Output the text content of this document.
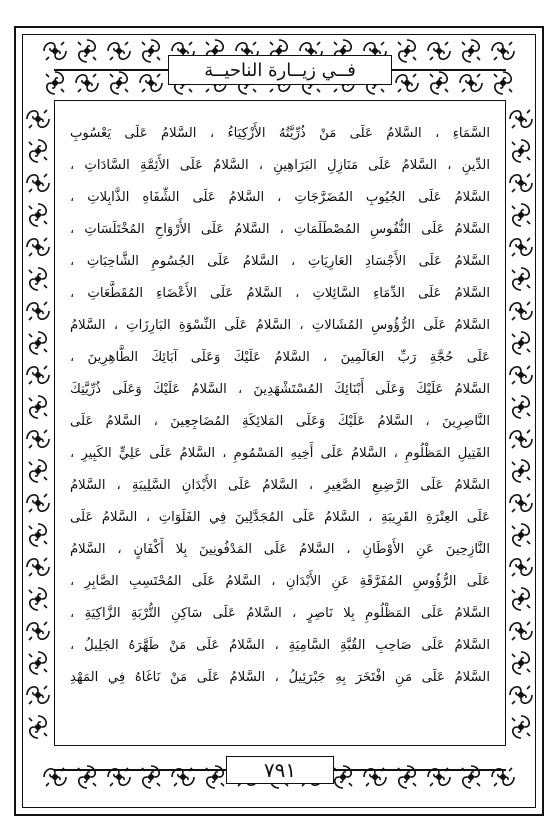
فــي زيــارة الناحيــة
السَّمَاءِ ، السَّلامُ عَلَى مَنْ ذُرِّيَّتُهُ الأَزْكِيَاءُ ، السَّلامُ عَلَى يَعْسُوبِ
الدِّينِ ، السَّلامُ عَلَى مَنَازِلِ البَرَاهِينِ ، السَّلامُ عَلَى الأَئِمَّةِ السَّادَاتِ ،
السَّلامُ عَلَى الجُيُوبِ المُضَرَّجَاتِ ، السَّلامُ عَلَى الشِّفَاهِ الذَّابِلاتِ ،
السَّلامُ عَلَى النُّفُوسِ المُصْطَلَمَاتِ ، السَّلامُ عَلَى الأَرْوَاحِ المُخْتَلَسَاتِ ،
السَّلامُ عَلَى الأَجْسَادِ العَارِيَاتِ ، السَّلامُ عَلَى الجُسُومِ الشَّاحِبَاتِ ،
السَّلامُ عَلَى الدِّمَاءِ السَّائِلاتِ ، السَّلامُ عَلَى الأَعْضَاءِ المُقَطَّعَاتِ ،
السَّلامُ عَلَى الرُّؤُوسِ المُشَالاتِ ، السَّلامُ عَلَى النِّسْوَةِ البَارِزَاتِ ، السَّلامُ
عَلَى حُجَّةِ رَبِّ العَالَمِينَ ، السَّلامُ عَلَيْكَ وَعَلَى آبَائِكَ الطَّاهِرِينَ ،
السَّلامُ عَلَيْكَ وَعَلَى أَبْنَائِكَ المُسْتَشْهَدِينَ ، السَّلامُ عَلَيْكَ وَعَلَى ذُرِّيَّتِكَ
النَّاصِرِينَ ، السَّلامُ عَلَيْكَ وَعَلَى المَلائِكَةِ المُضَاجِعِينَ ، السَّلامُ عَلَى
القَتِيلِ المَظْلُومِ ، السَّلامُ عَلَى أَخِيهِ المَسْمُومِ ، السَّلامُ عَلَى عَلِيٍّ الكَبِيرِ ،
السَّلامُ عَلَى الرَّضِيعِ الصَّغِيرِ ، السَّلامُ عَلَى الأَبْدَانِ السَّلِيبَةِ ، السَّلامُ
عَلَى العِتْرَةِ القَرِيبَةِ ، السَّلامُ عَلَى المُجَدَّلِينَ فِي الفَلَوَاتِ ، السَّلامُ عَلَى
النَّازِحِينَ عَنِ الأَوْطَانِ ، السَّلامُ عَلَى المَدْفُونِينَ بِلا أَكْفَانٍ ، السَّلامُ
عَلَى الرُّؤُوسِ المُفَرَّقَةِ عَنِ الأَبْدَانِ ، السَّلامُ عَلَى المُحْتَسِبِ الصَّابِرِ ،
السَّلامُ عَلَى المَظْلُومِ بِلا نَاصِرٍ ، السَّلامُ عَلَى سَاكِنِ التُّرْبَةِ الزَّاكِيَةِ ،
السَّلامُ عَلَى صَاحِبِ القُبَّةِ السَّامِيَةِ ، السَّلامُ عَلَى مَنْ طَهَّرَهُ الجَلِيلُ ،
السَّلامُ عَلَى مَنِ افْتَخَرَ بِهِ جَبْرَئِيلُ ، السَّلامُ عَلَى مَنْ نَاغَاهُ فِي المَهْدِ
٧٩١
